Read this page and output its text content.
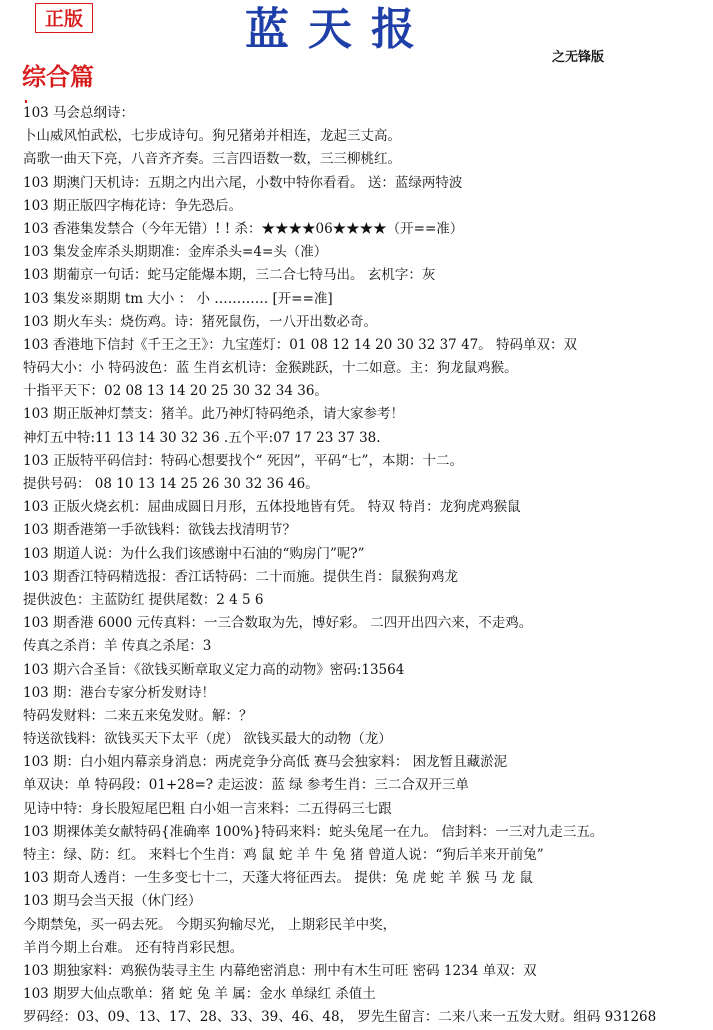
正版	蓝天报
之无锋版
综合篇
103 马会总纲诗：
卜山威风怕武松，七步成诗句。狗兄猪弟并相连，龙起三丈高。
高歌一曲天下亮，八音齐齐奏。三言四语数一数，三三柳桃红。
103 期澳门天机诗：五期之内出六尾，小数中特你看看。 送：蓝绿两特波
103 期正版四字梅花诗：争先恐后。
103 香港集发禁合（今年无错）! ! 杀：★★★★06★★★★（开==准）
103 集发金库杀头期期准：金库杀头=4=头（准）
103 期葡京一句话：蛇马定能爆本期，三二合七特马出。 玄机字：灰
103 集发※期期 tm 大小 ： 小 ………… [开==准]
103 期火车头：烧伤鸡。诗：猪死鼠伤，一八开出数必奇。
103 香港地下信封《千王之王》：九宝莲灯：01 08 12 14 20 30 32 37 47。 特码单双：双
特码大小：小 特码波色：蓝 生肖玄机诗：金猴跳跃，十二如意。主：狗龙鼠鸡猴。
十指平天下：02 08 13 14 20 25 30 32 34 36。
103 期正版神灯禁支：猪羊。此乃神灯特码绝杀，请大家参考！
神灯五中特:11 13 14 30 32 36 .五个平:07 17 23 37 38.
103 正版特平码信封：特码心想要找个“ 死因”，平码“七”，本期：十二。
提供号码： 08 10 13 14 25 26 30 32 36 46。
103 正版火烧玄机：屈曲成圆日月形，五体投地皆有凭。 特双 特肖：龙狗虎鸡猴鼠
103 期香港第一手欲钱料：欲钱去找清明节？
103 期道人说：为什么我们该感谢中石油的“购房门”呢?”
103 期香江特码精选报：香江话特码：二十而施。提供生肖：鼠猴狗鸡龙
提供波色：主蓝防红 提供尾数：2 4 5 6
103 期香港 6000 元传真料：一三合数取为先，博好彩。 二四开出四六来，不走鸡。
传真之杀肖：羊 传真之杀尾：3
103 期六合圣旨：《欲钱买断章取义定力高的动物》密码:13564
103 期：港台专家分析发财诗！
特码发财料：二来五来兔发财。解：？
特送欲钱料：欲钱买天下太平（虎） 欲钱买最大的动物（龙）
103 期：白小姐内幕亲身消息：两虎竞争分高低 赛马会独家料： 困龙暂且藏淤泥
单双诀：单 特码段：01+28=? 走运波：蓝 绿 参考生肖：三二合双开三单
见诗中特：身长股短尾巴粗 白小姐一言来料：二五得码三七跟
103 期裸体美女献特码{准确率 100%}特码来料：蛇头兔尾一在九。 信封料：一三对九走三五。
特主：绿、防：红。 来料七个生肖：鸡 鼠 蛇 羊 牛 兔 猪 曾道人说：“狗后羊来开前兔”
103 期奇人透肖：一生多变七十二，天蓬大将征西去。 提供：兔 虎 蛇 羊 猴 马 龙 鼠
103 期马会当天报（休门经）
今期禁兔，买一码去死。 今期买狗输尽光， 上期彩民羊中奖，
羊肖今期上台难。 还有特肖彩民想。
103 期独家料：鸡猴伪装寻主生 内幕绝密消息：刑中有木生可旺 密码 1234 单双：双
103 期罗大仙点歌单：猪 蛇 兔 羊 属：金水 单绿红 杀值土
罗码经：03、09、13、17、28、33、39、46、48， 罗先生留言：二来八来一五发大财。组码 931268
